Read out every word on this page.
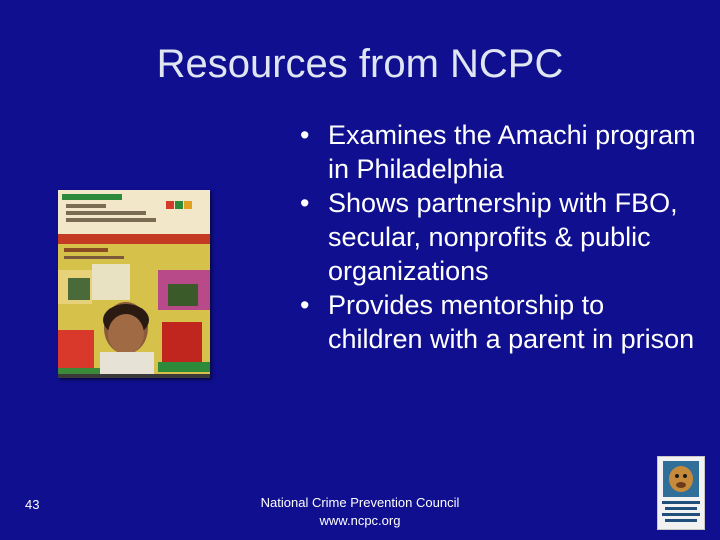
Resources from NCPC
• Examines the Amachi program in Philadelphia
• Shows partnership with FBO, secular, nonprofits & public organizations
• Provides mentorship to children with a parent in prison
43	National Crime Prevention Council
www.ncpc.org
